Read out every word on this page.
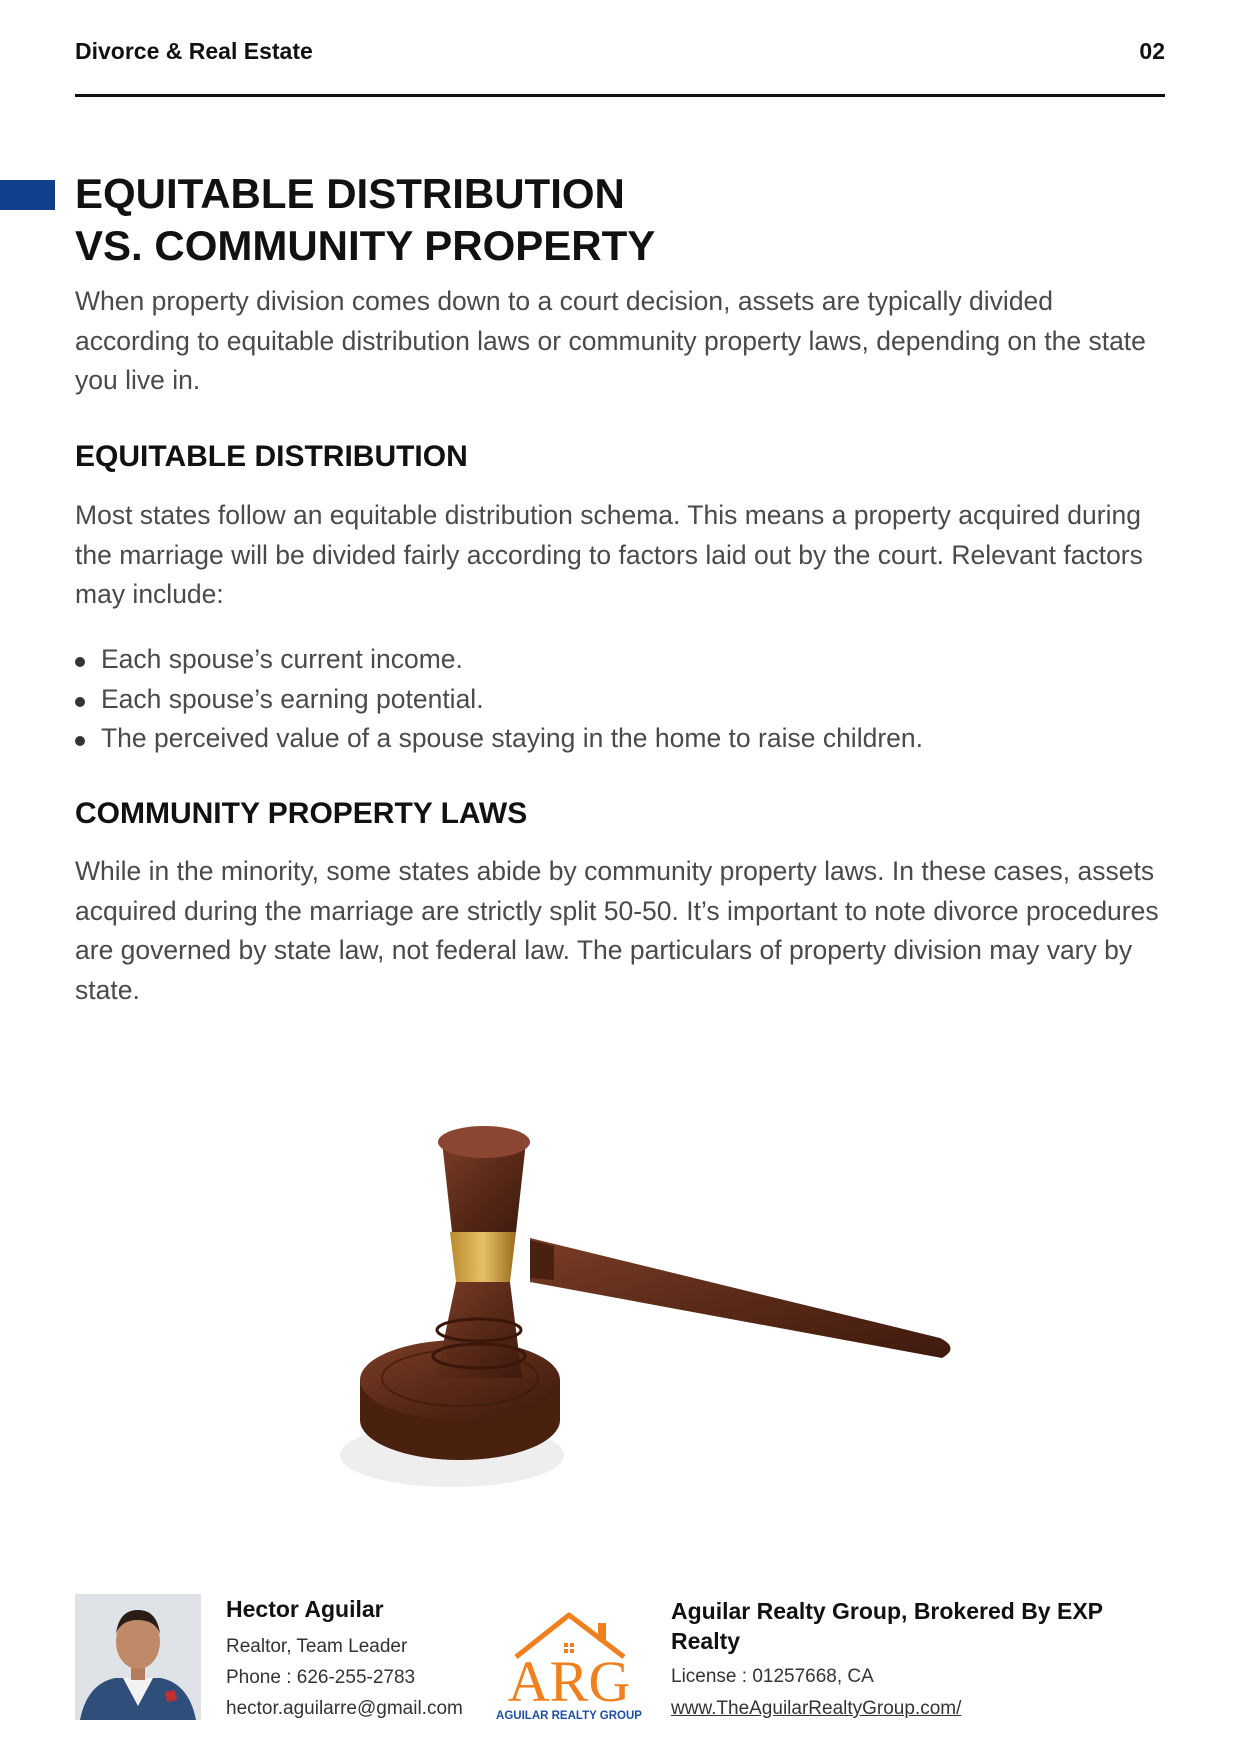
Divorce & Real Estate	02
EQUITABLE DISTRIBUTION
VS. COMMUNITY PROPERTY

When property division comes down to a court decision, assets are typically divided according to equitable distribution laws or community property laws, depending on the state you live in.

EQUITABLE DISTRIBUTION

Most states follow an equitable distribution schema. This means a property acquired during the marriage will be divided fairly according to factors laid out by the court. Relevant factors may include:

Each spouse’s current income.
Each spouse’s earning potential.
The perceived value of a spouse staying in the home to raise children.
COMMUNITY PROPERTY LAWS

While in the minority, some states abide by community property laws. In these cases, assets acquired during the marriage are strictly split 50-50. It’s important to note divorce procedures are governed by state law, not federal law. The particulars of property division may vary by state.

Hector Aguilar
Realtor, Team Leader
Phone : 626-255-2783
hector.aguilarre@gmail.com ARG
AGUILAR REALTY GROUP
Aguilar Realty Group, Brokered By EXP Realty
License : 01257668, CA
www.TheAguilarRealtyGroup.com/
